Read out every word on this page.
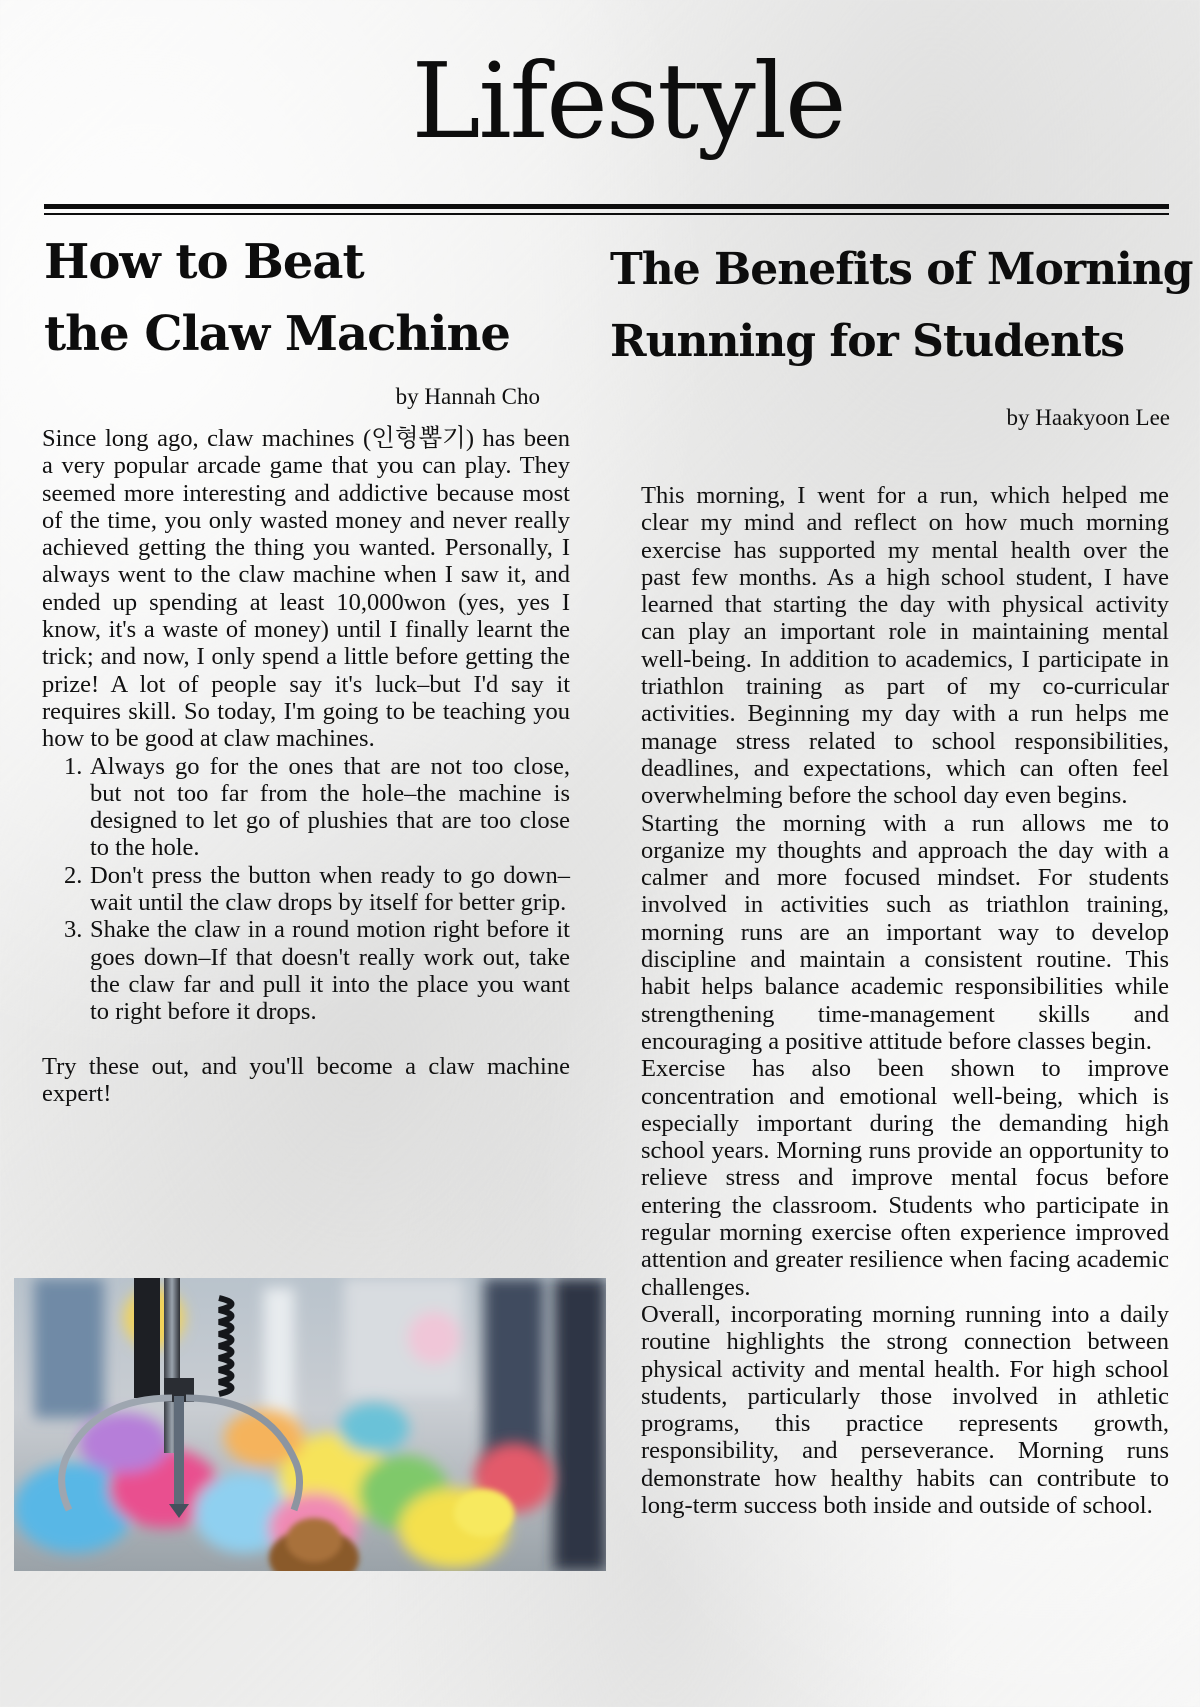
Lifestyle
How to Beat
the Claw Machine
by Hannah Cho

Since long ago, claw machines (인형뽑기) has been a very popular arcade game that you can play. They seemed more interesting and addictive because most of the time, you only wasted money and never really achieved getting the thing you wanted. Personally, I always went to the claw machine when I saw it, and ended up spending at least 10,000won (yes, yes I know, it's a waste of money) until I finally learnt the trick; and now, I only spend a little before getting the prize! A lot of people say it's luck–but I'd say it requires skill. So today, I'm going to be teaching you how to be good at claw machines.

1. Always go for the ones that are not too close, but not too far from the hole–the machine is designed to let go of plushies that are too close to the hole.
2. Don't press the button when ready to go down–wait until the claw drops by itself for better grip.
3. Shake the claw in a round motion right before it goes down–If that doesn't really work out, take the claw far and pull it into the place you want to right before it drops.

Try these out, and you'll become a claw machine expert!

The Benefits of Morning
Running for Students
by Haakyoon Lee

This morning, I went for a run, which helped me clear my mind and reflect on how much morning exercise has supported my mental health over the past few months. As a high school student, I have learned that starting the day with physical activity can play an important role in maintaining mental well-being. In addition to academics, I participate in triathlon training as part of my co-curricular activities. Beginning my day with a run helps me manage stress related to school responsibilities, deadlines, and expectations, which can often feel overwhelming before the school day even begins.

Starting the morning with a run allows me to organize my thoughts and approach the day with a calmer and more focused mindset. For students involved in activities such as triathlon training, morning runs are an important way to develop discipline and maintain a consistent routine. This habit helps balance academic responsibilities while strengthening time-management skills and encouraging a positive attitude before classes begin.

Exercise has also been shown to improve concentration and emotional well-being, which is especially important during the demanding high school years. Morning runs provide an opportunity to relieve stress and improve mental focus before entering the classroom. Students who participate in regular morning exercise often experience improved attention and greater resilience when facing academic challenges.

Overall, incorporating morning running into a daily routine highlights the strong connection between physical activity and mental health. For high school students, particularly those involved in athletic programs, this practice represents growth, responsibility, and perseverance. Morning runs demonstrate how healthy habits can contribute to long-term success both inside and outside of school.
